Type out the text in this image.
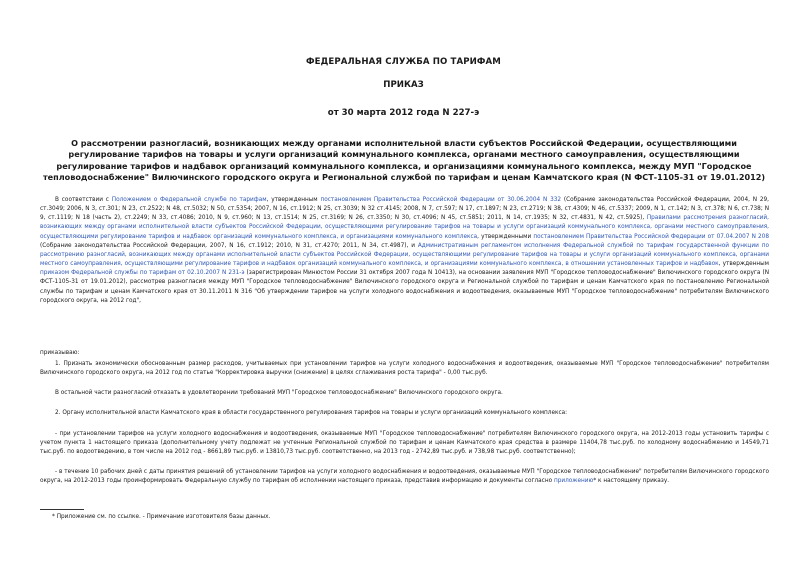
ФЕДЕРАЛЬНАЯ СЛУЖБА ПО ТАРИФАМ
ПРИКАЗ
от 30 марта 2012 года N 227-э
О рассмотрении разногласий, возникающих между органами исполнительной власти субъектов Российской Федерации, осуществляющими регулирование тарифов на товары и услуги организаций коммунального комплекса, органами местного самоуправления, осуществляющими регулирование тарифов и надбавок организаций коммунального комплекса, и организациями коммунального комплекса, между МУП "Городское тепловодоснабжение" Вилючинского городского округа и Региональной службой по тарифам и ценам Камчатского края (N ФСТ-1105-31 от 19.01.2012)
В соответствии с Положением о Федеральной службе по тарифам, утвержденным постановлением Правительства Российской Федерации от 30.06.2004 N 332 (Собрание законодательства Российской Федерации, 2004, N 29, ст.3049; 2006, N 3, ст.301; N 23, ст.2522; N 48, ст.5032; N 50, ст.5354; 2007, N 16, ст.1912; N 25, ст.3039; N 32 ст.4145; 2008, N 7, ст.597; N 17, ст.1897; N 23, ст.2719; N 38, ст.4309; N 46, ст.5337; 2009, N 1, ст.142; N 3, ст.378; N 6, ст.738; N 9, ст.1119; N 18 (часть 2), ст.2249; N 33, ст.4086; 2010, N 9, ст.960; N 13, ст.1514; N 25, ст.3169; N 26, ст.3350; N 30, ст.4096; N 45, ст.5851; 2011, N 14, ст.1935; N 32, ст.4831, N 42, ст.5925), Правилами рассмотрения разногласий, возникающих между органами исполнительной власти субъектов Российской Федерации, осуществляющими регулирование тарифов на товары и услуги организаций коммунального комплекса, органами местного самоуправления, осуществляющими регулирование тарифов и надбавок организаций коммунального комплекса, и организациями коммунального комплекса, утвержденными постановлением Правительства Российской Федерации от 07.04.2007 N 208 (Собрание законодательства Российской Федерации, 2007, N 16, ст.1912; 2010, N 31, ст.4270; 2011, N 34, ст.4987), и Административным регламентом исполнения Федеральной службой по тарифам государственной функции по рассмотрению разногласий, возникающих между органами исполнительной власти субъектов Российской Федерации, осуществляющими регулирование тарифов на товары и услуги организаций коммунального комплекса, органами местного самоуправления, осуществляющими регулирование тарифов и надбавок организаций коммунального комплекса, и организациями коммунального комплекса, в отношении установленных тарифов и надбавок, утвержденным приказом Федеральной службы по тарифам от 02.10.2007 N 231-э (зарегистрирован Минюстом России 31 октября 2007 года N 10413), на основании заявления МУП "Городское тепловодоснабжение" Вилючинского городского округа (N ФСТ-1105-31 от 19.01.2012), рассмотрев разногласия между МУП "Городское тепловодоснабжение" Вилючинского городского округа и Региональной службой по тарифам и ценам Камчатского края по постановлению Региональной службы по тарифам и ценам Камчатского края от 30.11.2011 N 316 "Об утверждении тарифов на услуги холодного водоснабжения и водоотведения, оказываемые МУП "Городское тепловодоснабжение" потребителям Вилючинского городского округа, на 2012 год",
приказываю:
1. Признать экономически обоснованным размер расходов, учитываемых при установлении тарифов на услуги холодного водоснабжения и водоотведения, оказываемые МУП "Городское тепловодоснабжение" потребителям Вилючинского городского округа, на 2012 год по статье "Корректировка выручки (снижение) в целях сглаживания роста тарифа" - 0,00 тыс.руб.
В остальной части разногласий отказать в удовлетворении требований МУП "Городское тепловодоснабжение" Вилючинского городского округа.
2. Органу исполнительной власти Камчатского края в области государственного регулирования тарифов на товары и услуги организаций коммунального комплекса:
- при установлении тарифов на услуги холодного водоснабжения и водоотведения, оказываемые МУП "Городское тепловодоснабжение" потребителям Вилючинского городского округа, на 2012-2013 годы установить тарифы с учетом пункта 1 настоящего приказа (дополнительному учету подлежат не учтенные Региональной службой по тарифам и ценам Камчатского края средства в размере 11404,78 тыс.руб. по холодному водоснабжению и 14549,71 тыс.руб. по водоотведению, в том числе на 2012 год - 8661,89 тыс.руб. и 13810,73 тыс.руб. соответственно, на 2013 год - 2742,89 тыс.руб. и 738,98 тыс.руб. соответственно);
- в течение 10 рабочих дней с даты принятия решений об установлении тарифов на услуги холодного водоснабжения и водоотведения, оказываемые МУП "Городское тепловодоснабжение" потребителям Вилючинского городского округа, на 2012-2013 годы проинформировать Федеральную службу по тарифам об исполнении настоящего приказа, представив информацию и документы согласно приложению* к настоящему приказу.
* Приложение см. по ссылке. - Примечание изготовителя базы данных.
